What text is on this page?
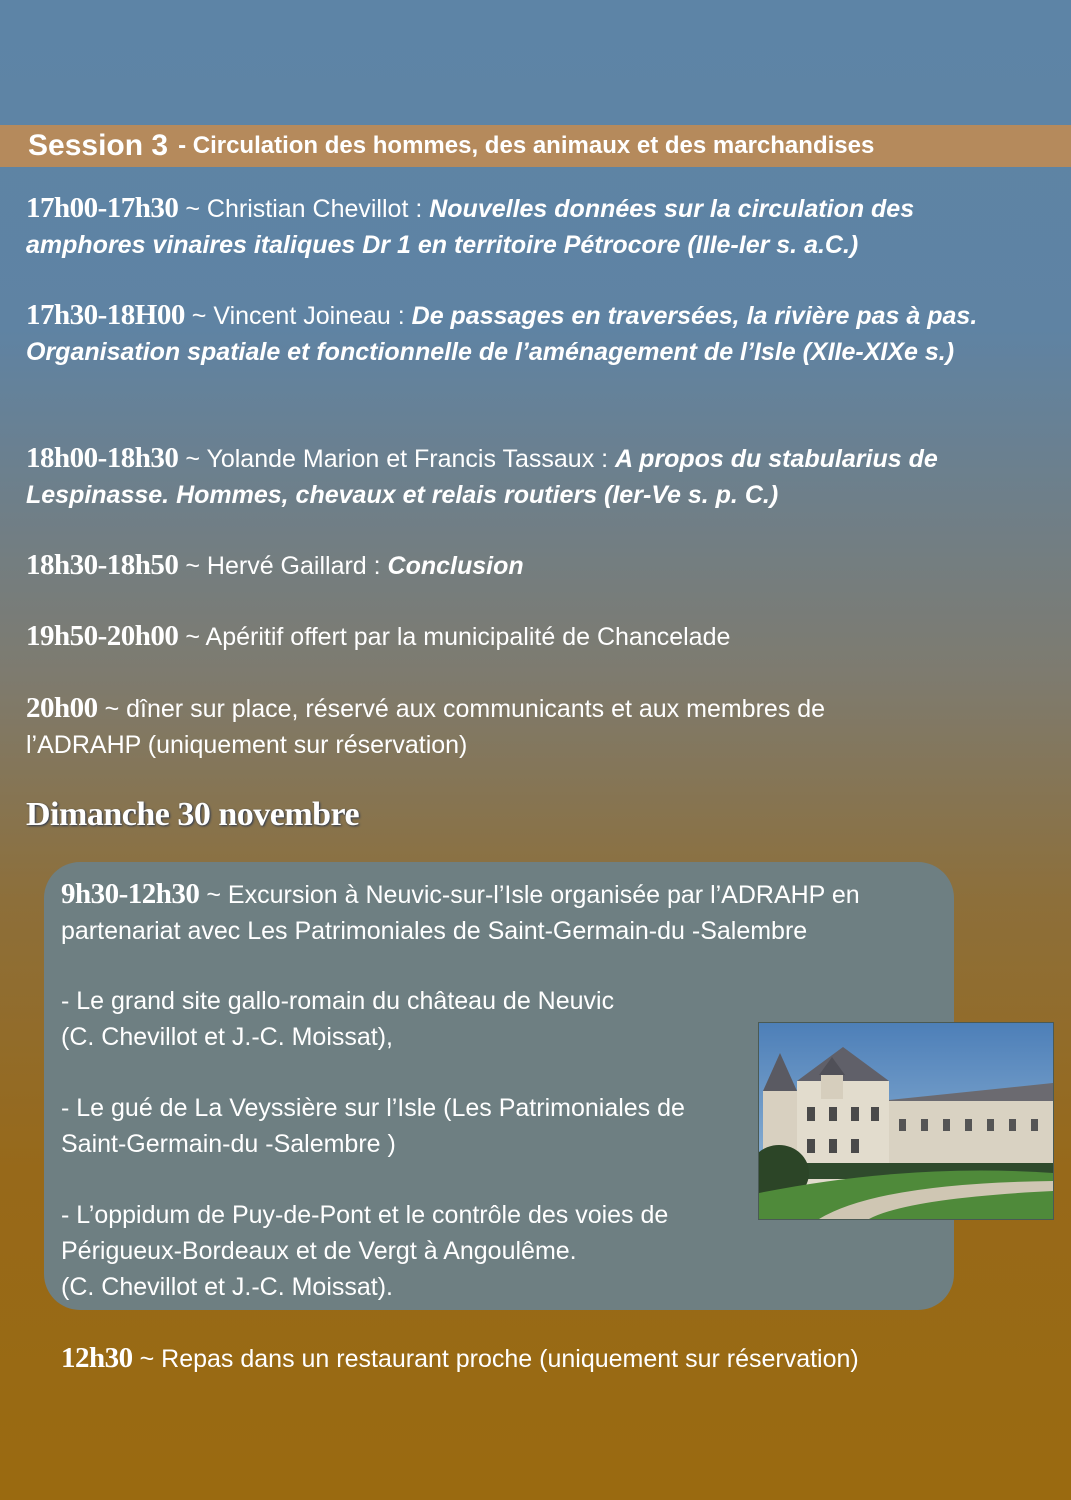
Session 3 - Circulation des hommes, des animaux et des marchandises

17h00-17h30 ~ Christian Chevillot : Nouvelles données sur la circulation des amphores vinaires italiques Dr 1 en territoire Pétrocore (IIIe-Ier s. a.C.)

17h30-18H00 ~ Vincent Joineau : De passages en traversées, la rivière pas à pas. Organisation spatiale et fonctionnelle de l’aménagement de l’Isle (XIIe-XIXe s.)

18h00-18h30 ~ Yolande Marion et Francis Tassaux : A propos du stabularius de Lespinasse. Hommes, chevaux et relais routiers (Ier-Ve s. p. C.)

18h30-18h50 ~ Hervé Gaillard : Conclusion

19h50-20h00 ~ Apéritif offert par la municipalité de Chancelade

20h00 ~ dîner sur place, réservé aux communicants et aux membres de l’ADRAHP (uniquement sur réservation)

Dimanche 30 novembre

9h30-12h30 ~ Excursion à Neuvic-sur-l’Isle organisée par l’ADRAHP en partenariat avec Les Patrimoniales de Saint-Germain-du -Salembre

- Le grand site gallo-romain du château de Neuvic
(C. Chevillot et J.-C. Moissat),

- Le gué de La Veyssière sur l’Isle (Les Patrimoniales de
Saint-Germain-du -Salembre )

- L’oppidum de Puy-de-Pont et le contrôle des voies de
Périgueux-Bordeaux et de Vergt à Angoulême.
(C. Chevillot et J.-C. Moissat).

12h30 ~ Repas dans un restaurant proche (uniquement sur réservation)
